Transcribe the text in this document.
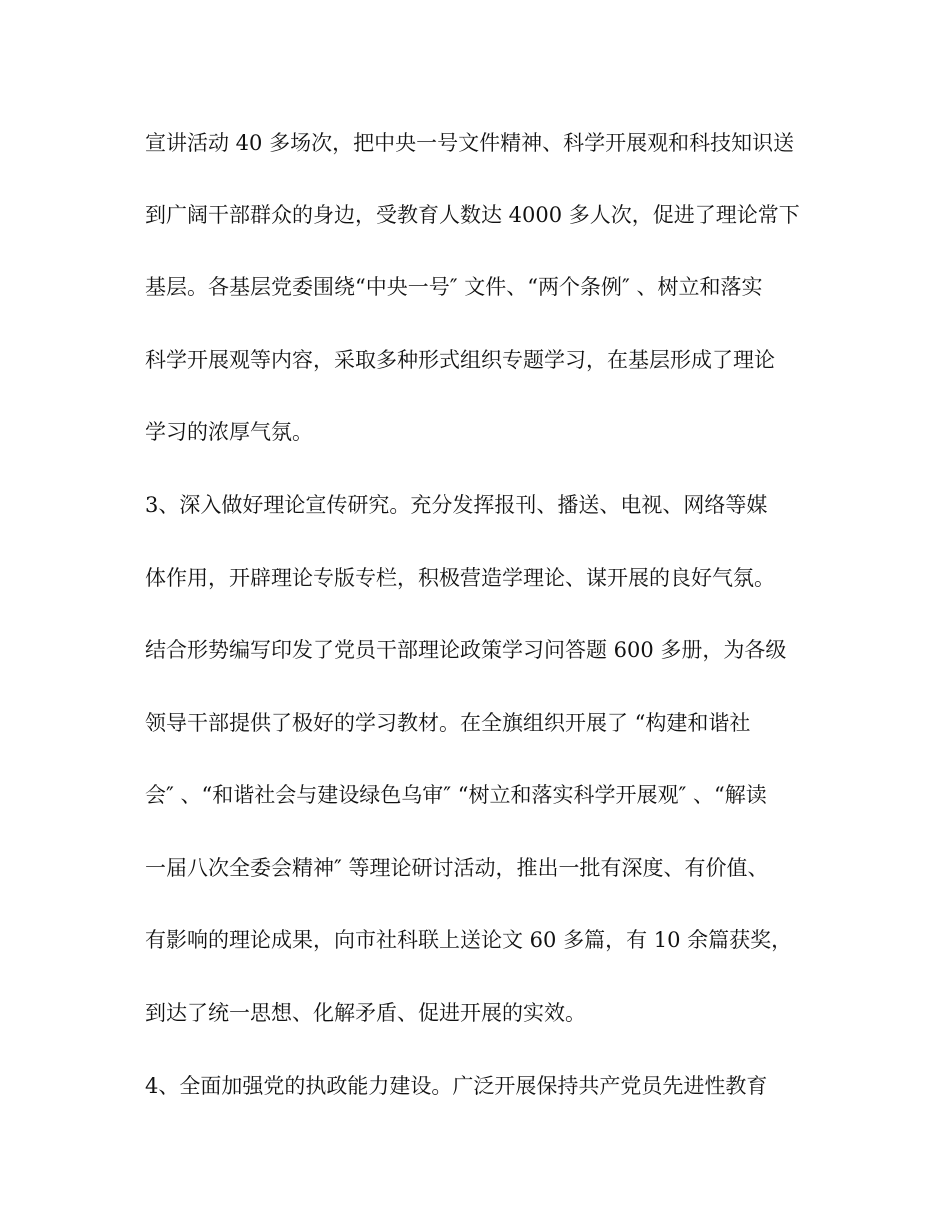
宣讲活动 40 多场次，把中央一号文件精神、科学开展观和科技知识送
到广阔干部群众的身边，受教育人数达 4000 多人次，促进了理论常下
基层。各基层党委围绕“中央一号″ 文件、“两个条例″ 、树立和落实
科学开展观等内容，采取多种形式组织专题学习，在基层形成了理论
学习的浓厚气氛。
3、深入做好理论宣传研究。充分发挥报刊、播送、电视、网络等媒
体作用，开辟理论专版专栏，积极营造学理论、谋开展的良好气氛。
结合形势编写印发了党员干部理论政策学习问答题 600 多册，为各级
领导干部提供了极好的学习教材。在全旗组织开展了 “构建和谐社
会″ 、“和谐社会与建设绿色乌审″ “树立和落实科学开展观″ 、“解读
一届八次全委会精神″ 等理论研讨活动，推出一批有深度、有价值、
有影响的理论成果，向市社科联上送论文 60 多篇，有 10 余篇获奖，
到达了统一思想、化解矛盾、促进开展的实效。
4、全面加强党的执政能力建设。广泛开展保持共产党员先进性教育
